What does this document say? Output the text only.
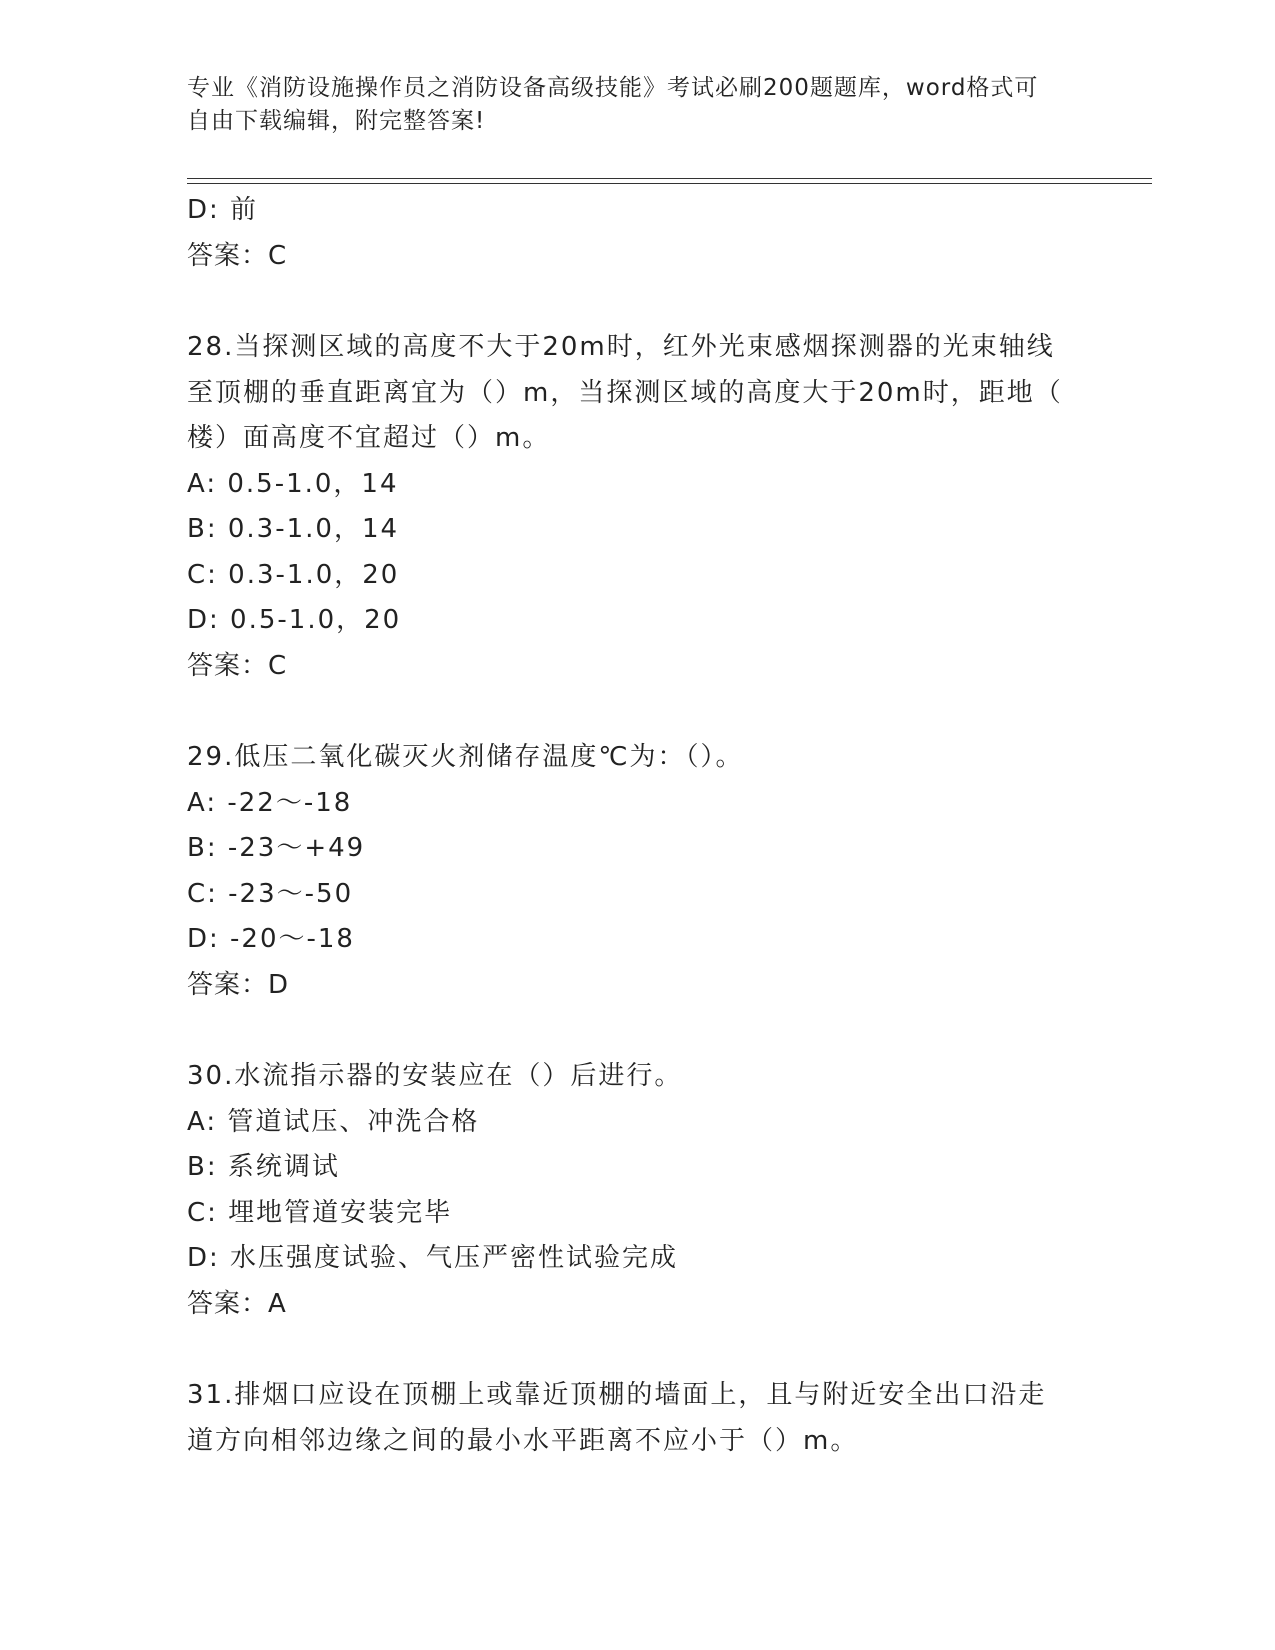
专业《消防设施操作员之消防设备高级技能》考试必刷200题题库，word格式可
自由下载编辑，附完整答案!
D: 前
答案：C
28.当探测区域的高度不大于20m时，红外光束感烟探测器的光束轴线
至顶棚的垂直距离宜为（）m，当探测区域的高度大于20m时，距地（
楼）面高度不宜超过（）m。
A: 0.5-1.0，14
B: 0.3-1.0，14
C: 0.3-1.0，20
D: 0.5-1.0，20
答案：C
29.低压二氧化碳灭火剂储存温度℃为：（）。
A: -22～-18
B: -23～+49
C: -23～-50
D: -20～-18
答案：D
30.水流指示器的安装应在（）后进行。
A: 管道试压、冲洗合格
B: 系统调试
C: 埋地管道安装完毕
D: 水压强度试验、气压严密性试验完成
答案：A
31.排烟口应设在顶棚上或靠近顶棚的墙面上，且与附近安全出口沿走
道方向相邻边缘之间的最小水平距离不应小于（）m。
